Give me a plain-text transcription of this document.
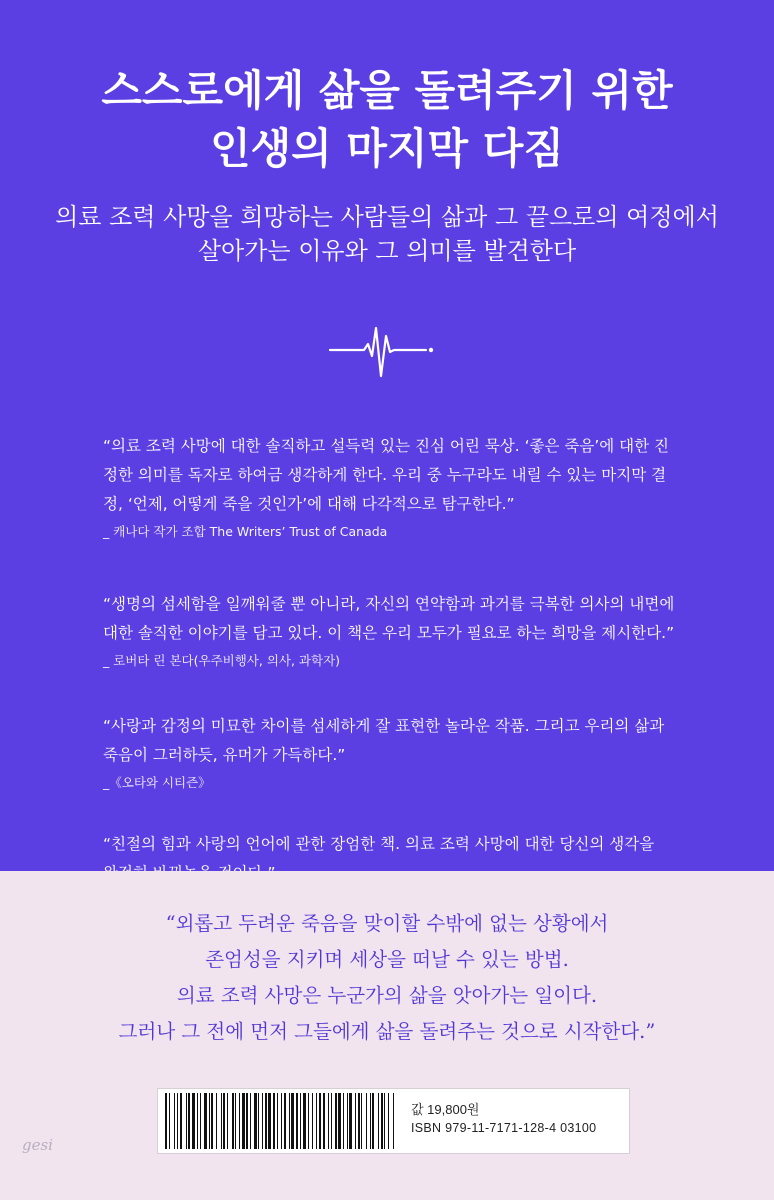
스스로에게 삶을 돌려주기 위한
인생의 마지막 다짐
의료 조력 사망을 희망하는 사람들의 삶과 그 끝으로의 여정에서
살아가는 이유와 그 의미를 발견한다
“의료 조력 사망에 대한 솔직하고 설득력 있는 진심 어린 묵상. ‘좋은 죽음’에 대한 진
정한 의미를 독자로 하여금 생각하게 한다. 우리 중 누구라도 내릴 수 있는 마지막 결
정, ‘언제, 어떻게 죽을 것인가’에 대해 다각적으로 탐구한다.”
_ 캐나다 작가 조합 The Writers’ Trust of Canada
“생명의 섬세함을 일깨워줄 뿐 아니라, 자신의 연약함과 과거를 극복한 의사의 내면에
대한 솔직한 이야기를 담고 있다. 이 책은 우리 모두가 필요로 하는 희망을 제시한다.”
_ 로버타 린 본다(우주비행사, 의사, 과학자)
“사랑과 감정의 미묘한 차이를 섬세하게 잘 표현한 놀라운 작품. 그리고 우리의 삶과
죽음이 그러하듯, 유머가 가득하다.”
_《오타와 시티즌》
“친절의 힘과 사랑의 언어에 관한 장엄한 책. 의료 조력 사망에 대한 당신의 생각을

“외롭고 두려운 죽음을 맞이할 수밖에 없는 상황에서
존엄성을 지키며 세상을 떠날 수 있는 방법.
의료 조력 사망은 누군가의 삶을 앗아가는 일이다.
그러나 그 전에 먼저 그들에게 삶을 돌려주는 것으로 시작한다.”
값 19,800원
ISBN 979-11-7171-128-4 03100
gesi
